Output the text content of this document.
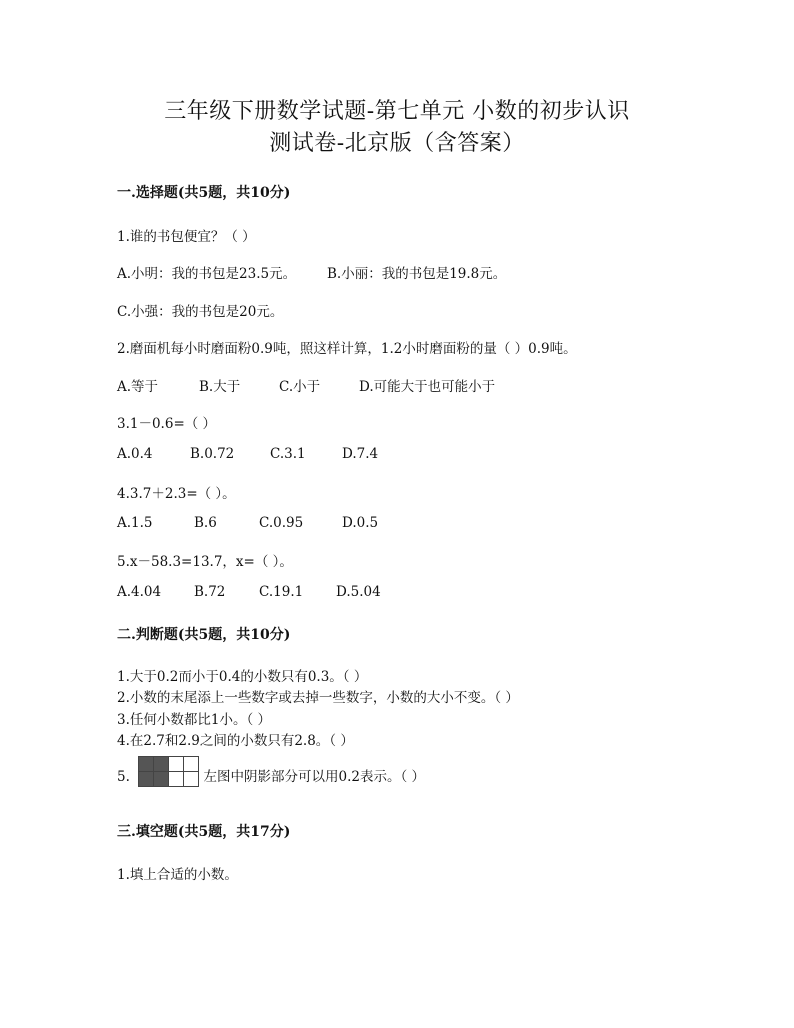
三年级下册数学试题-第七单元 小数的初步认识
测试卷-北京版（含答案）
一.选择题(共5题，共10分)
1.谁的书包便宜？（ ）
A.小明：我的书包是23.5元。 B.小丽：我的书包是19.8元。
C.小强：我的书包是20元。
2.磨面机每小时磨面粉0.9吨，照这样计算，1.2小时磨面粉的量（ ）0.9吨。
A.等于	B.大于	C.小于	D.可能大于也可能小于
3.1－0.6=（ ）
A.0.4	B.0.72	C.3.1	D.7.4
4.3.7＋2.3=（ ）。
A.1.5	B.6	C.0.95	D.0.5
5.x－58.3=13.7，x=（ ）。
A.4.04 B.72 C.19.1 D.5.04
二.判断题(共5题，共10分)
1.大于0.2而小于0.4的小数只有0.3。（ ）
2.小数的末尾添上一些数字或去掉一些数字，小数的大小不变。（ ）
3.任何小数都比1小。（ ）
4.在2.7和2.9之间的小数只有2.8。（ ）
5.			
				左图中阴影部分可以用0.2表示。（ ）
三.填空题(共5题，共17分)
1.填上合适的小数。
